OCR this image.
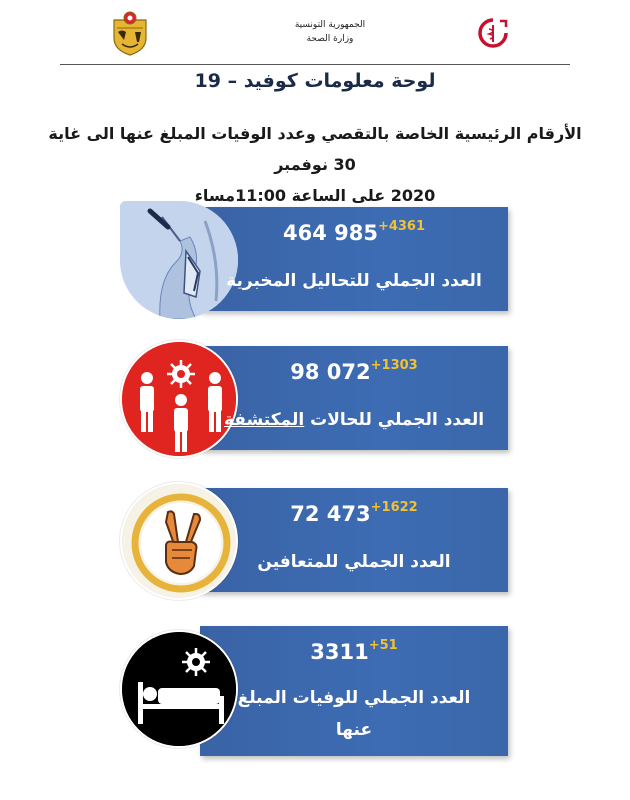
الجمهورية التونسية
وزارة الصحة
لوحة معلومات كوفيد – 19
الأرقام الرئيسية الخاصة بالتقصي وعدد الوفيات المبلغ عنها الى غاية 30 نوفمبر
2020 على الساعة 11:00مساء
464 $985^{+4361}$
العدد الجملي للتحاليل المخبرية
98 $072^{+1303}$
العدد الجملي للحالات المكتشفة
72 $473^{+1622}$
العدد الجملي للمتعافين
$3311^{+51}$
العدد الجملي للوفيات المبلغ
عنها
